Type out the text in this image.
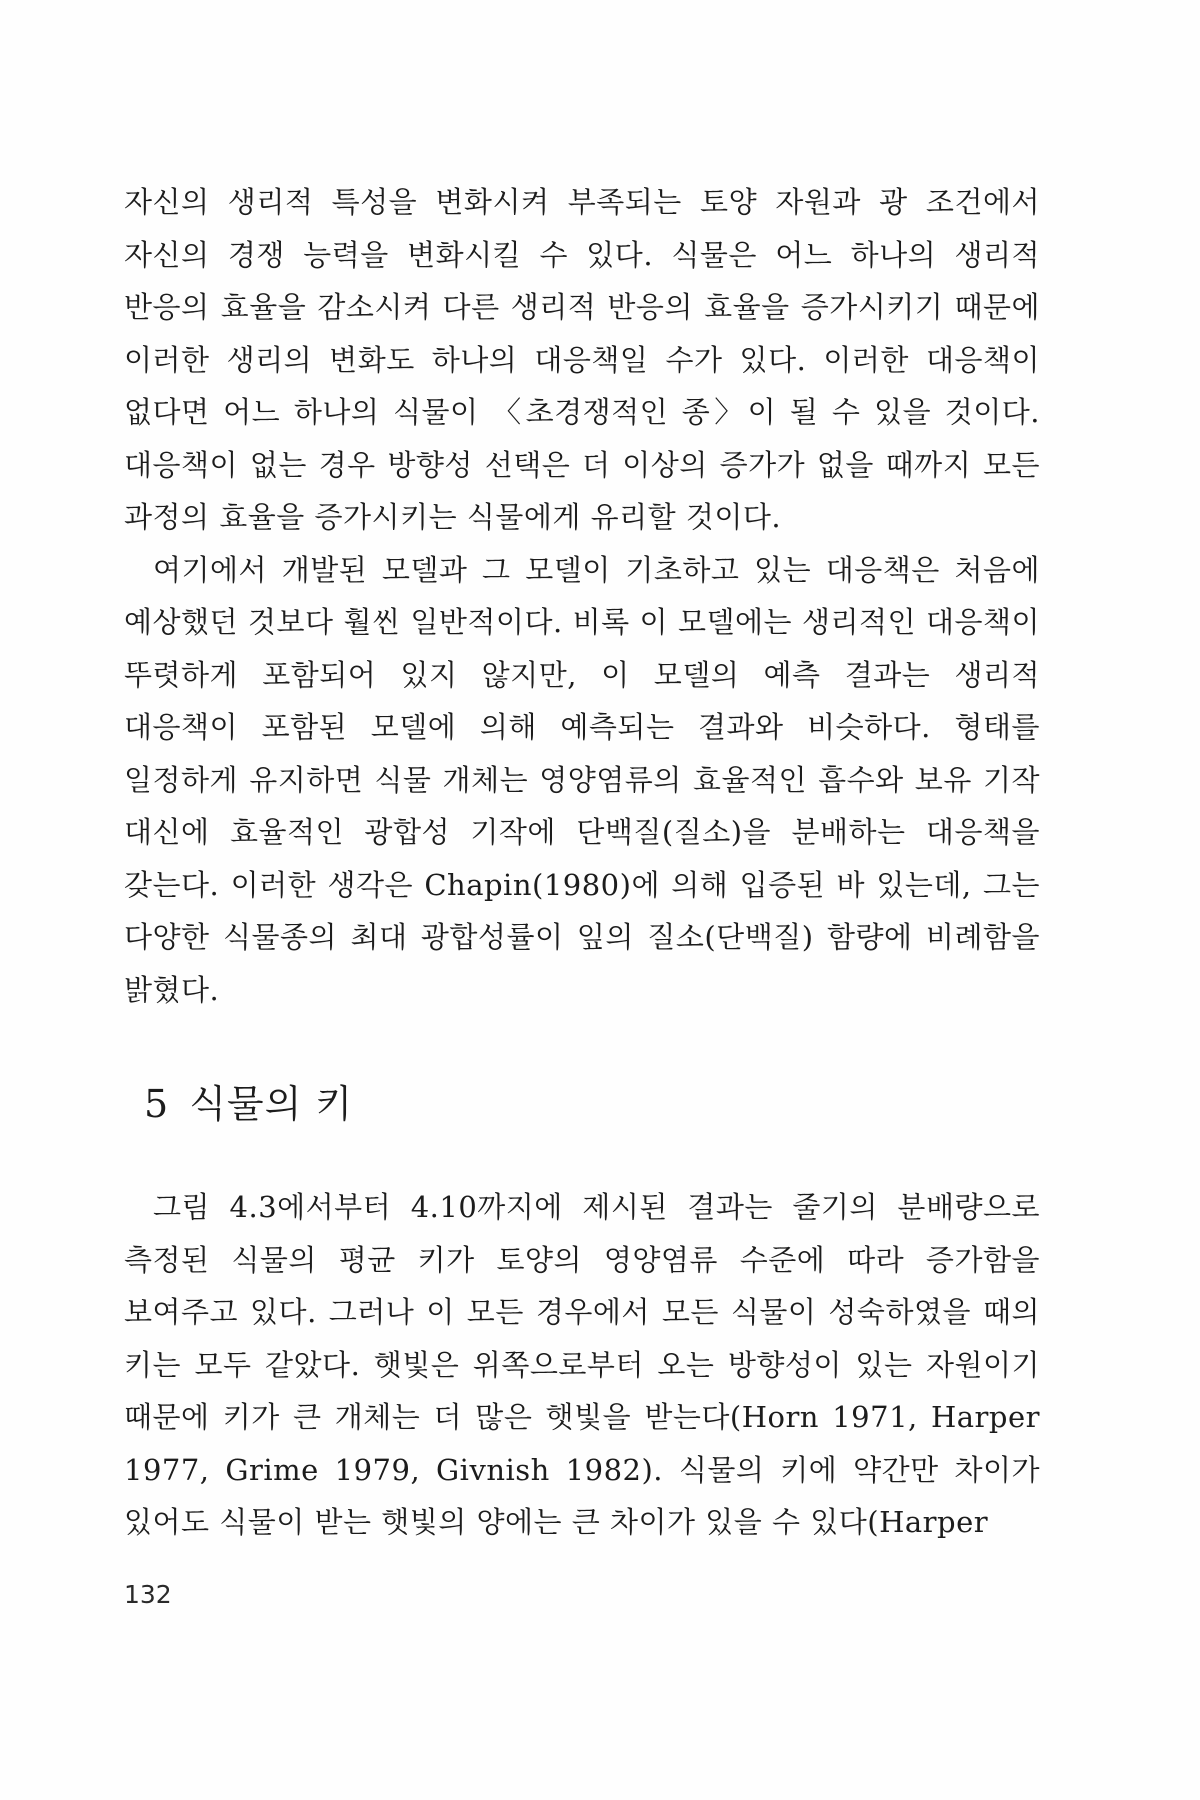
자신의 생리적 특성을 변화시켜 부족되는 토양 자원과 광 조건에서 자신의 경쟁 능력을 변화시킬 수 있다. 식물은 어느 하나의 생리적 반응의 효율을 감소시켜 다른 생리적 반응의 효율을 증가시키기 때문에 이러한 생리의 변화도 하나의 대응책일 수가 있다. 이러한 대응책이 없다면 어느 하나의 식물이 〈초경쟁적인 종〉이 될 수 있을 것이다. 대응책이 없는 경우 방향성 선택은 더 이상의 증가가 없을 때까지 모든 과정의 효율을 증가시키는 식물에게 유리할 것이다.

여기에서 개발된 모델과 그 모델이 기초하고 있는 대응책은 처음에 예상했던 것보다 훨씬 일반적이다. 비록 이 모델에는 생리적인 대응책이 뚜렷하게 포함되어 있지 않지만, 이 모델의 예측 결과는 생리적 대응책이 포함된 모델에 의해 예측되는 결과와 비슷하다. 형태를 일정하게 유지하면 식물 개체는 영양염류의 효율적인 흡수와 보유 기작 대신에 효율적인 광합성 기작에 단백질(질소)을 분배하는 대응책을 갖는다. 이러한 생각은 Chapin(1980)에 의해 입증된 바 있는데, 그는 다양한 식물종의 최대 광합성률이 잎의 질소(단백질) 함량에 비례함을 밝혔다.

5 식물의 키

그림 4.3에서부터 4.10까지에 제시된 결과는 줄기의 분배량으로 측정된 식물의 평균 키가 토양의 영양염류 수준에 따라 증가함을 보여주고 있다. 그러나 이 모든 경우에서 모든 식물이 성숙하였을 때의 키는 모두 같았다. 햇빛은 위쪽으로부터 오는 방향성이 있는 자원이기 때문에 키가 큰 개체는 더 많은 햇빛을 받는다(Horn 1971, Harper 1977, Grime 1979, Givnish 1982). 식물의 키에 약간만 차이가 있어도 식물이 받는 햇빛의 양에는 큰 차이가 있을 수 있다(Harper

132
